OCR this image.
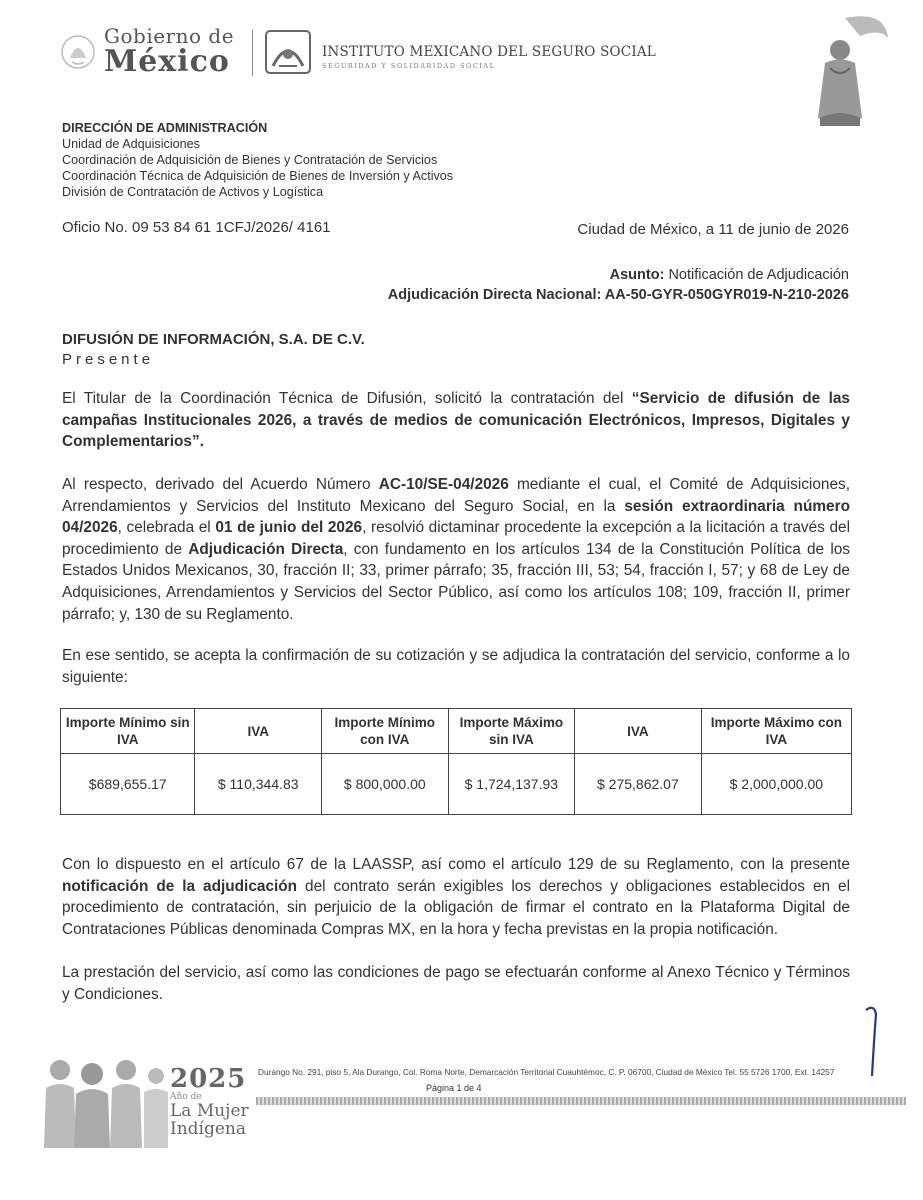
Gobierno de
México	INSTITUTO MEXICANO DEL SEGURO SOCIAL
SEGURIDAD Y SOLIDARIDAD SOCIAL
DIRECCIÓN DE ADMINISTRACIÓN
Unidad de Adquisiciones
Coordinación de Adquisición de Bienes y Contratación de Servicios
Coordinación Técnica de Adquisición de Bienes de Inversión y Activos
División de Contratación de Activos y Logística
Oficio No. 09 53 84 61 1CFJ/2026/ 4161	Ciudad de México, a 11 de junio de 2026
Asunto: Notificación de Adjudicación
Adjudicación Directa Nacional: AA-50-GYR-050GYR019-N-210-2026
DIFUSIÓN DE INFORMACIÓN, S.A. DE C.V.
Presente
El Titular de la Coordinación Técnica de Difusión, solicitó la contratación del “Servicio de difusión de las campañas Institucionales 2026, a través de medios de comunicación Electrónicos, Impresos, Digitales y Complementarios”.
Al respecto, derivado del Acuerdo Número AC-10/SE-04/2026 mediante el cual, el Comité de Adquisiciones, Arrendamientos y Servicios del Instituto Mexicano del Seguro Social, en la sesión extraordinaria número 04/2026, celebrada el 01 de junio del 2026, resolvió dictaminar procedente la excepción a la licitación a través del procedimiento de Adjudicación Directa, con fundamento en los artículos 134 de la Constitución Política de los Estados Unidos Mexicanos, 30, fracción II; 33, primer párrafo; 35, fracción III, 53; 54, fracción I, 57; y 68 de Ley de Adquisiciones, Arrendamientos y Servicios del Sector Público, así como los artículos 108; 109, fracción II, primer párrafo; y, 130 de su Reglamento.
En ese sentido, se acepta la confirmación de su cotización y se adjudica la contratación del servicio, conforme a lo siguiente:
Importe Mínimo sin IVA	IVA	Importe Mínimo con IVA	Importe Máximo sin IVA	IVA	Importe Máximo con IVA
$689,655.17	$ 110,344.83	$ 800,000.00	$ 1,724,137.93	$ 275,862.07	$ 2,000,000.00
Con lo dispuesto en el artículo 67 de la LAASSP, así como el artículo 129 de su Reglamento, con la presente notificación de la adjudicación del contrato serán exigibles los derechos y obligaciones establecidos en el procedimiento de contratación, sin perjuicio de la obligación de firmar el contrato en la Plataforma Digital de Contrataciones Públicas denominada Compras MX, en la hora y fecha previstas en la propia notificación.
La prestación del servicio, así como las condiciones de pago se efectuarán conforme al Anexo Técnico y Términos y Condiciones.
2025
Año de
La Mujer
Indígena
Durango No. 291, piso 5, Ala Durango, Col. Roma Norte, Demarcación Territorial Cuauhtémoc, C. P. 06700, Ciudad de México Tel. 55 5726 1700, Ext. 14257
Página 1 de 4
